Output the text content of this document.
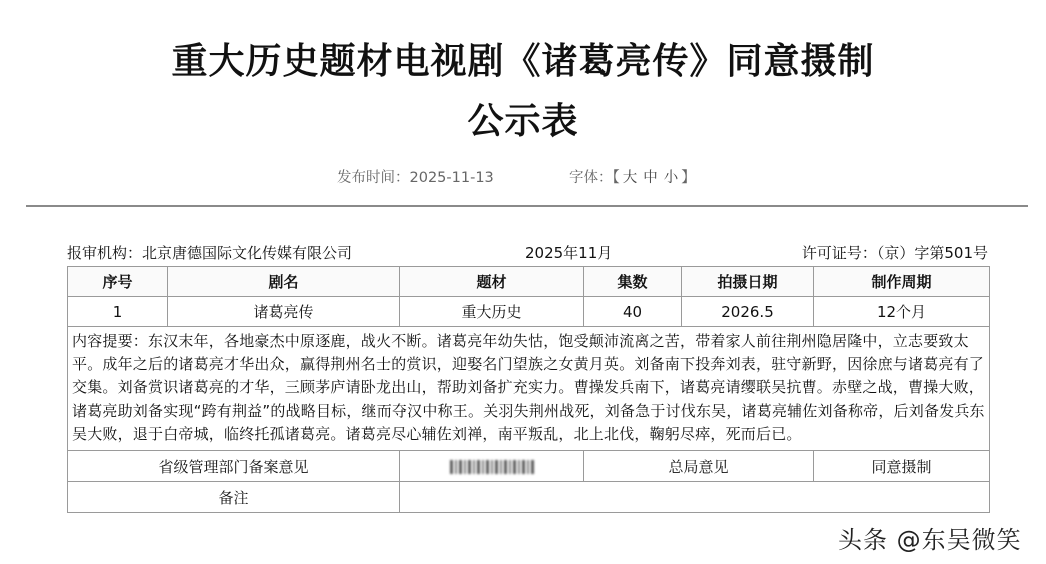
重大历史题材电视剧《诸葛亮传》同意摄制
公示表
发布时间：2025-11-13	字体：【 大 中 小 】
报审机构：北京唐德国际文化传媒有限公司	2025年11月	许可证号：（京）字第501号
序号	剧名	题材	集数	拍摄日期	制作周期
1	诸葛亮传	重大历史	40	2026.5	12个月
内容提要：东汉末年，各地豪杰中原逐鹿，战火不断。诸葛亮年幼失怙，饱受颠沛流离之苦，带着家人前往荆州隐居隆中，立志要致太平。成年之后的诸葛亮才华出众，赢得荆州名士的赏识，迎娶名门望族之女黄月英。刘备南下投奔刘表，驻守新野，因徐庶与诸葛亮有了交集。刘备赏识诸葛亮的才华，三顾茅庐请卧龙出山，帮助刘备扩充实力。曹操发兵南下，诸葛亮请缨联吴抗曹。赤壁之战，曹操大败，诸葛亮助刘备实现“跨有荆益”的战略目标，继而夺汉中称王。关羽失荆州战死，刘备急于讨伐东吴，诸葛亮辅佐刘备称帝，后刘备发兵东吴大败，退于白帝城，临终托孤诸葛亮。诸葛亮尽心辅佐刘禅，南平叛乱，北上北伐，鞠躬尽瘁，死而后已。					
省级管理部门备案意见			总局意见		同意摄制
备注					
头条 @东吴微笑
